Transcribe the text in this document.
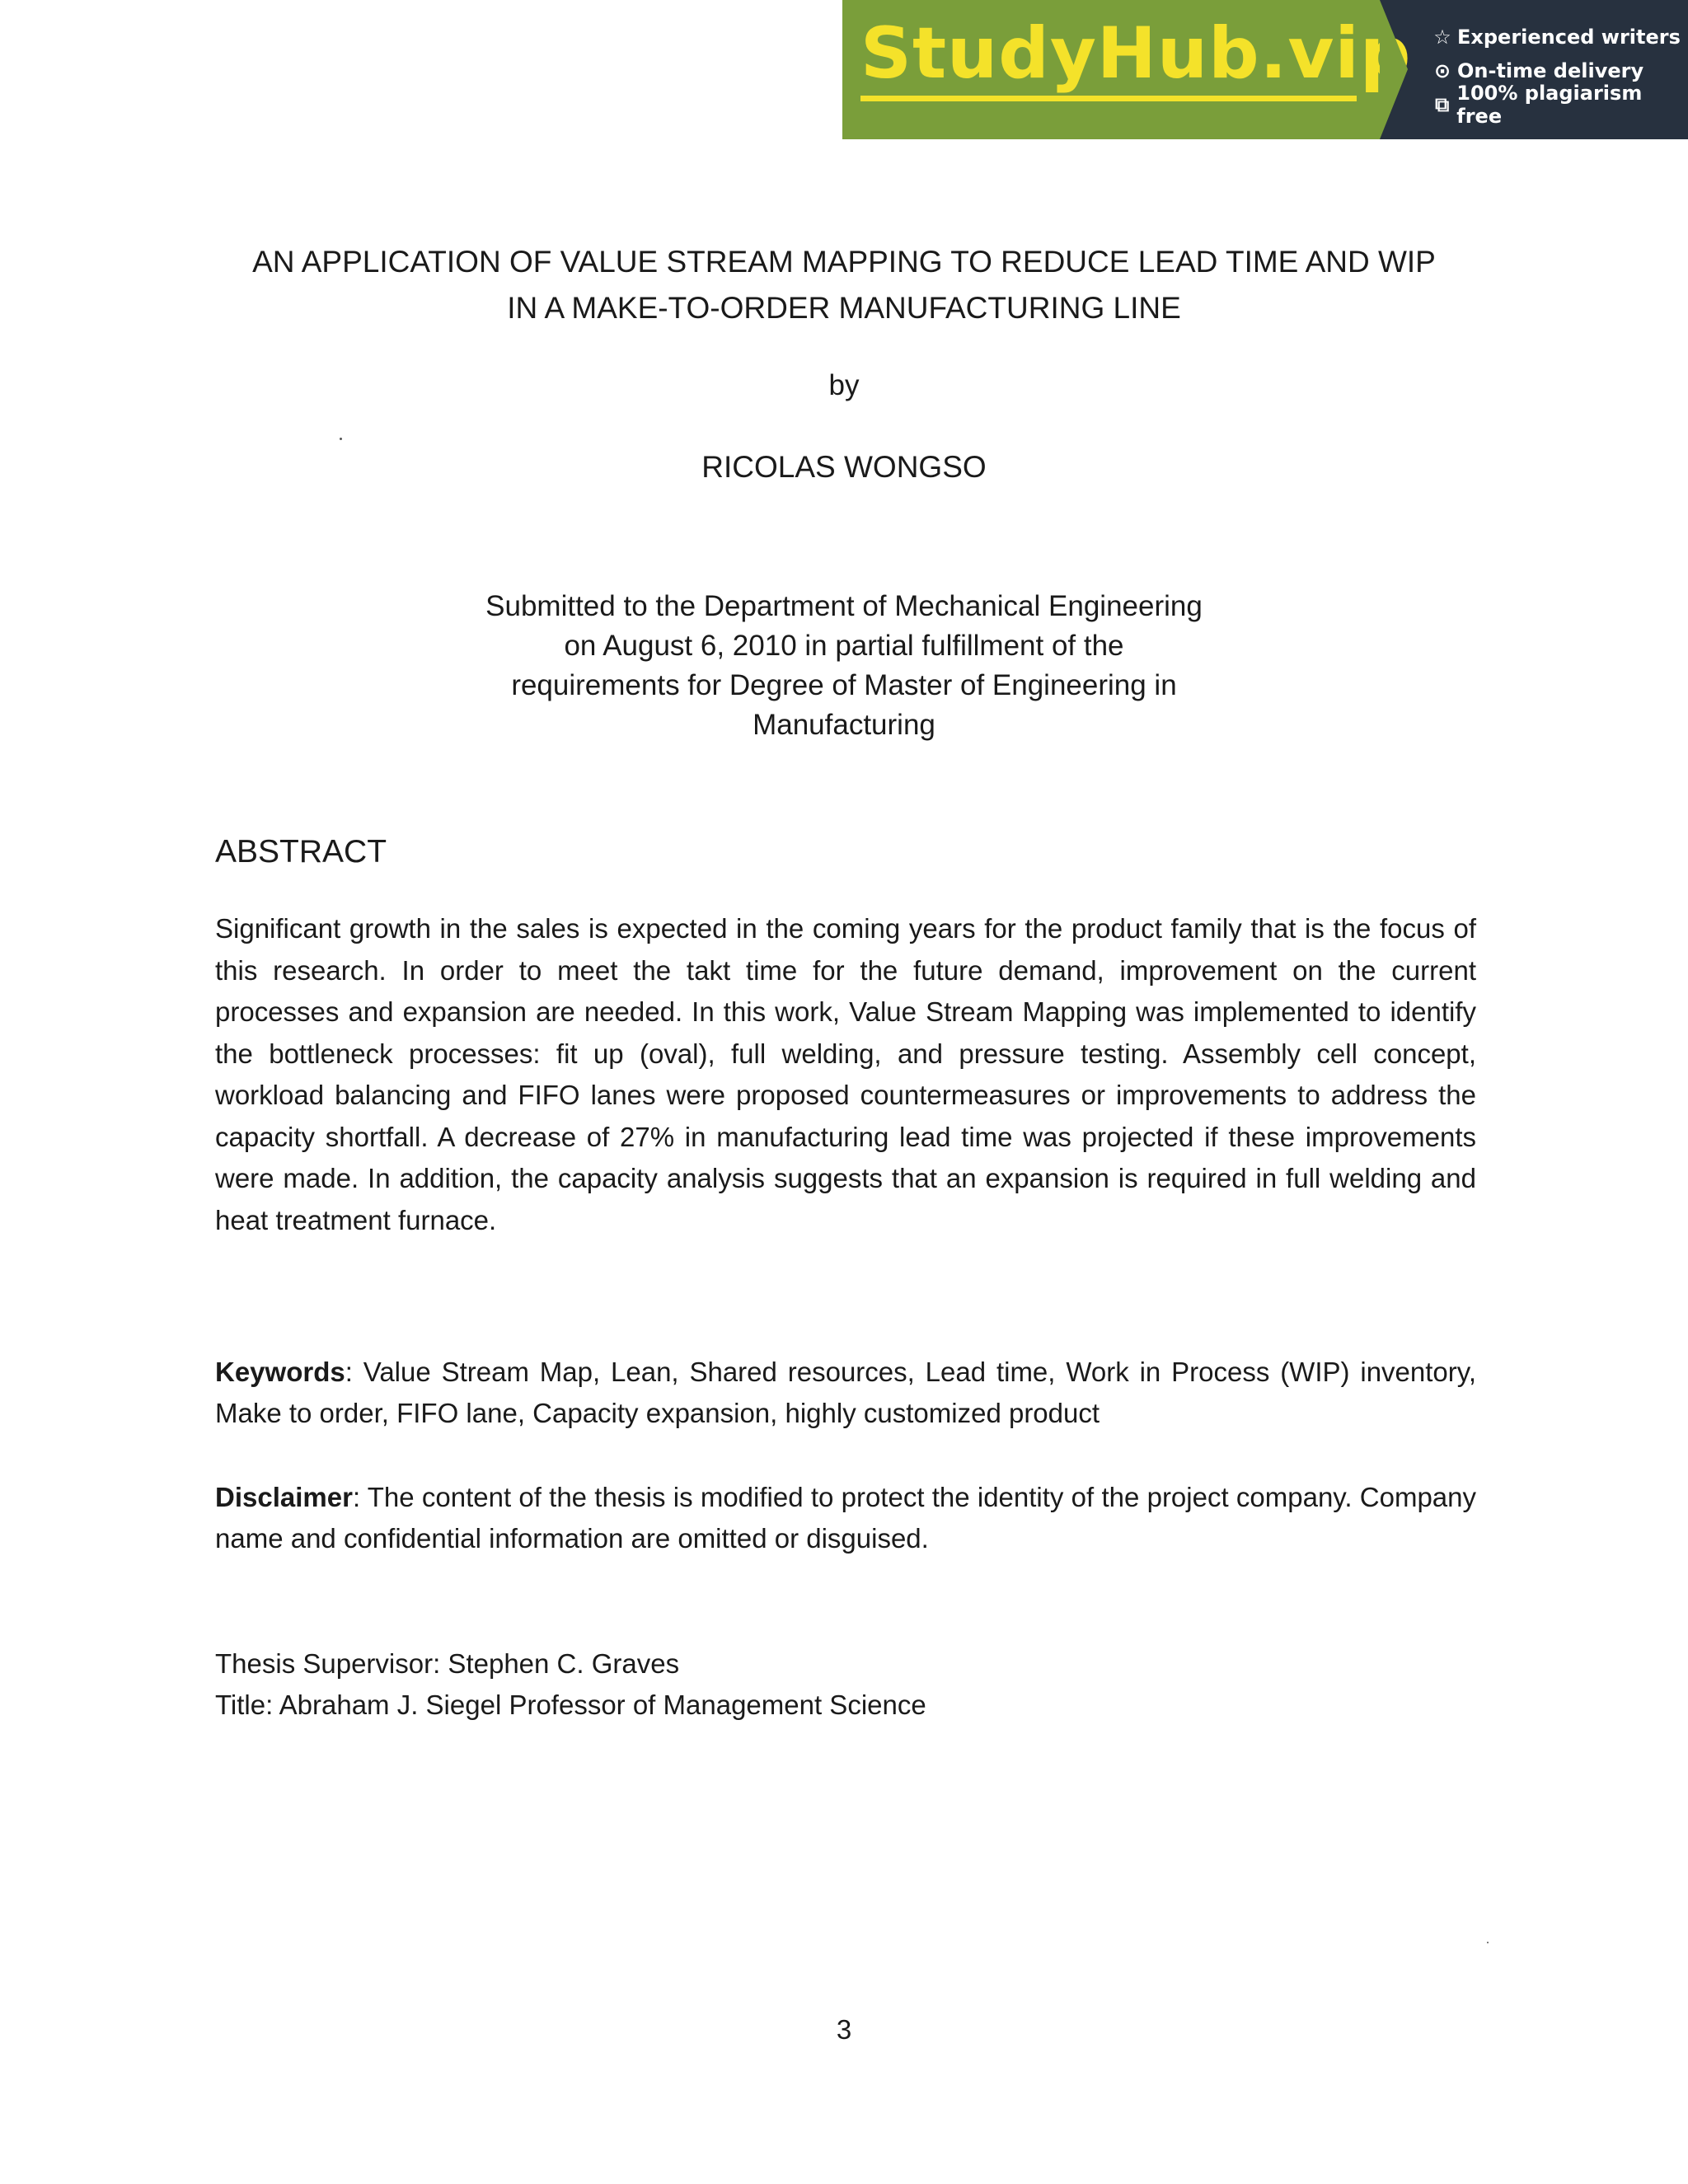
StudyHub.vip ☆ Experienced writers
⊙ On-time delivery
⧉ 100% plagiarism free
AN APPLICATION OF VALUE STREAM MAPPING TO REDUCE LEAD TIME AND WIP
IN A MAKE-TO-ORDER MANUFACTURING LINE
by
RICOLAS WONGSO
Submitted to the Department of Mechanical Engineering
on August 6, 2010 in partial fulfillment of the
requirements for Degree of Master of Engineering in
Manufacturing
ABSTRACT
Significant growth in the sales is expected in the coming years for the product family that is the focus of this research. In order to meet the takt time for the future demand, improvement on the current processes and expansion are needed. In this work, Value Stream Mapping was implemented to identify the bottleneck processes: fit up (oval), full welding, and pressure testing. Assembly cell concept, workload balancing and FIFO lanes were proposed countermeasures or improvements to address the capacity shortfall. A decrease of 27% in manufacturing lead time was projected if these improvements were made. In addition, the capacity analysis suggests that an expansion is required in full welding and heat treatment furnace.
Keywords: Value Stream Map, Lean, Shared resources, Lead time, Work in Process (WIP) inventory, Make to order, FIFO lane, Capacity expansion, highly customized product
Disclaimer: The content of the thesis is modified to protect the identity of the project company. Company name and confidential information are omitted or disguised.
Thesis Supervisor: Stephen C. Graves
Title: Abraham J. Siegel Professor of Management Science
3
